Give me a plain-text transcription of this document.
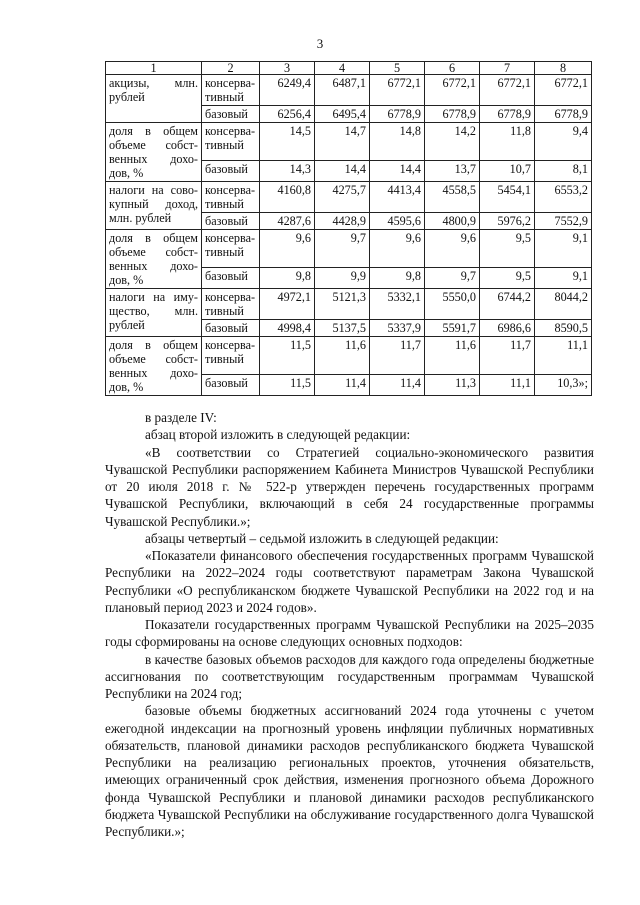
3
1	2	3	4	5	6	7	8
акцизы, млн. рублей	консерва-тивный	6249,4	6487,1	6772,1	6772,1	6772,1	6772,1
	базовый	6256,4	6495,4	6778,9	6778,9	6778,9	6778,9
доля в общем объеме собст-венных дохо-дов, %	консерва-тивный	14,5	14,7	14,8	14,2	11,8	9,4
	базовый	14,3	14,4	14,4	13,7	10,7	8,1
налоги на сово-купный доход, млн. рублей	консерва-тивный	4160,8	4275,7	4413,4	4558,5	5454,1	6553,2
	базовый	4287,6	4428,9	4595,6	4800,9	5976,2	7552,9
доля в общем объеме собст-венных дохо-дов, %	консерва-тивный	9,6	9,7	9,6	9,6	9,5	9,1
	базовый	9,8	9,9	9,8	9,7	9,5	9,1
налоги на иму-щество, млн. рублей	консерва-тивный	4972,1	5121,3	5332,1	5550,0	6744,2	8044,2
	базовый	4998,4	5137,5	5337,9	5591,7	6986,6	8590,5
доля в общем объеме собст-венных дохо-дов, %	консерва-тивный	11,5	11,6	11,7	11,6	11,7	11,1
	базовый	11,5	11,4	11,4	11,3	11,1	10,3»;

в разделе IV:

абзац второй изложить в следующей редакции:

«В соответствии со Стратегией социально-экономического развития Чувашской Республики распоряжением Кабинета Министров Чувашской Республики от 20 июля 2018 г. № 522-р утвержден перечень государственных программ Чувашской Республики, включающий в себя 24 государственные программы Чувашской Республики.»;

абзацы четвертый – седьмой изложить в следующей редакции:

«Показатели финансового обеспечения государственных программ Чувашской Республики на 2022–2024 годы соответствуют параметрам Закона Чувашской Республики «О республиканском бюджете Чувашской Республики на 2022 год и на плановый период 2023 и 2024 годов».

Показатели государственных программ Чувашской Республики на 2025–2035 годы сформированы на основе следующих основных подходов:

в качестве базовых объемов расходов для каждого года определены бюджетные ассигнования по соответствующим государственным программам Чувашской Республики на 2024 год;

базовые объемы бюджетных ассигнований 2024 года уточнены с учетом ежегодной индексации на прогнозный уровень инфляции публичных нормативных обязательств, плановой динамики расходов республиканского бюджета Чувашской Республики на реализацию региональных проектов, уточнения обязательств, имеющих ограниченный срок действия, изменения прогнозного объема Дорожного фонда Чувашской Республики и плановой динамики расходов республиканского бюджета Чувашской Республики на обслуживание государственного долга Чувашской Республики.»;
